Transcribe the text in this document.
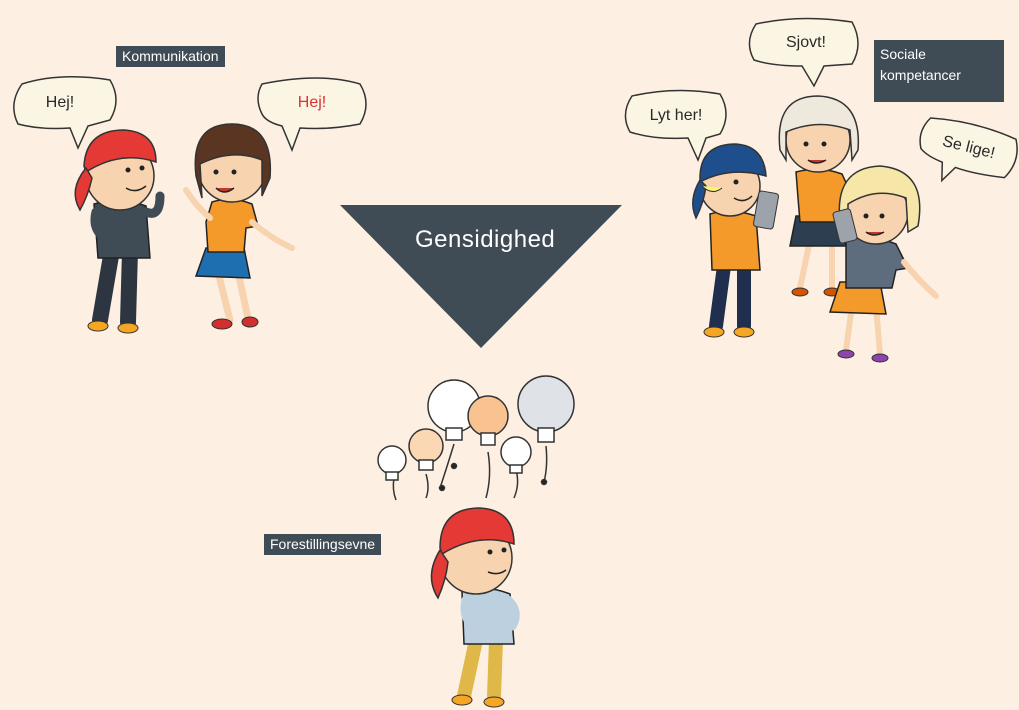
Hej!	Hej!
Lyt her!
Sjovt!
Se lige!
Gensidighed
Kommunikation	Sociale
kompetancer
Forestillingsevne
